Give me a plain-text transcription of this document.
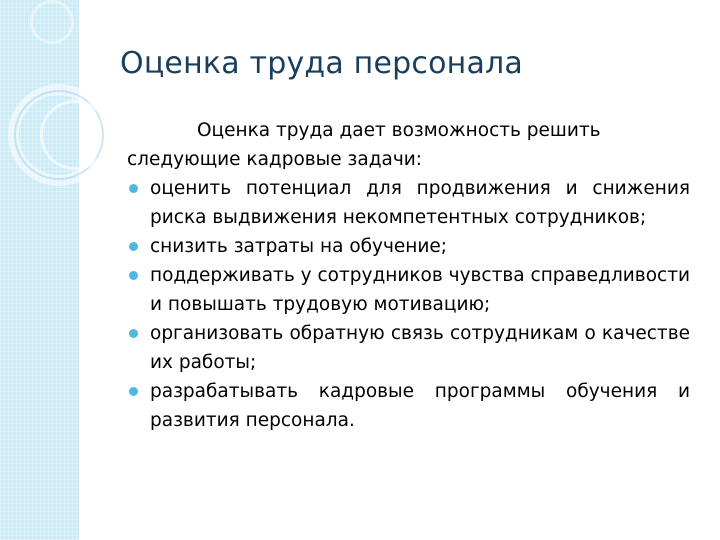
Оценка труда персонала

Оценка труда дает возможность решить следующие кадровые задачи:

оценить потенциал для продвижения и снижения риска выдвижения некомпетентных сотрудников;
снизить затраты на обучение;
поддерживать у сотрудников чувства справедливости и повышать трудовую мотивацию;
организовать обратную связь сотрудникам о качестве их работы;
разрабатывать кадровые программы обучения и развития персонала.
